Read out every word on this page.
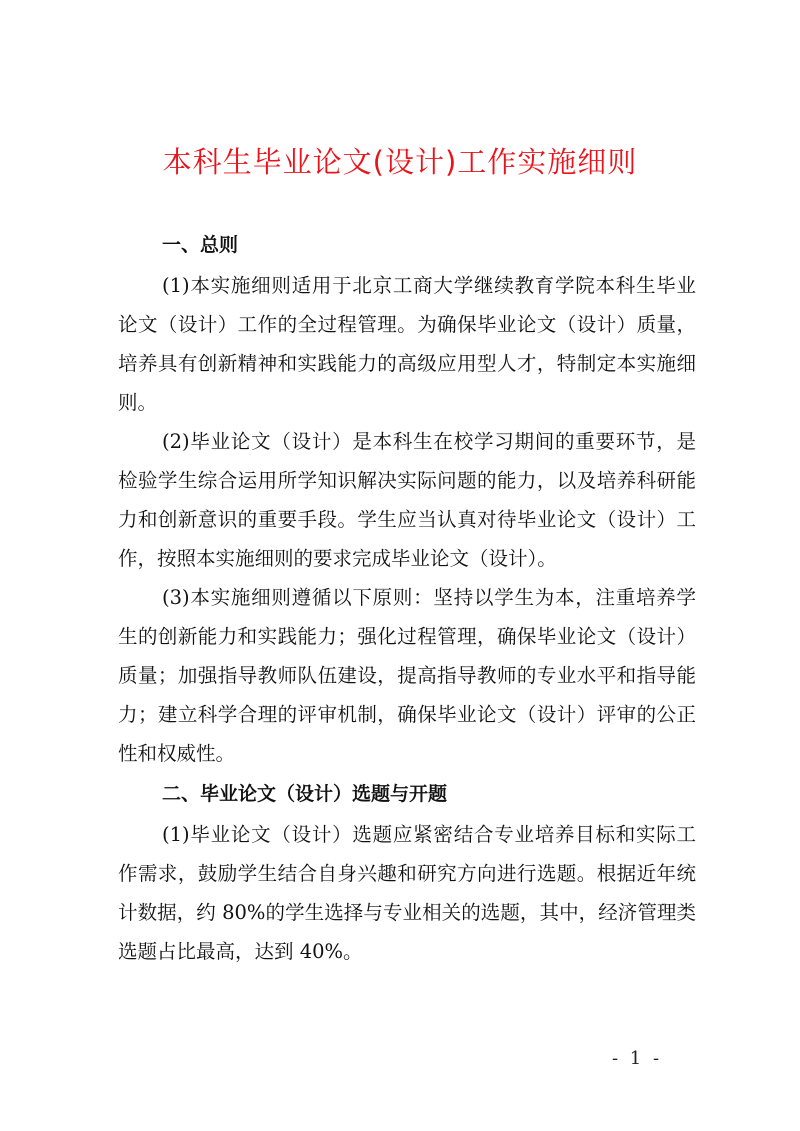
本科生毕业论文(设计)工作实施细则

一、总则

(1)本实施细则适用于北京工商大学继续教育学院本科生毕业论文（设计）工作的全过程管理。为确保毕业论文（设计）质量，培养具有创新精神和实践能力的高级应用型人才，特制定本实施细则。

(2)毕业论文（设计）是本科生在校学习期间的重要环节，是检验学生综合运用所学知识解决实际问题的能力，以及培养科研能力和创新意识的重要手段。学生应当认真对待毕业论文（设计）工作，按照本实施细则的要求完成毕业论文（设计）。

(3)本实施细则遵循以下原则：坚持以学生为本，注重培养学生的创新能力和实践能力；强化过程管理，确保毕业论文（设计）质量；加强指导教师队伍建设，提高指导教师的专业水平和指导能力；建立科学合理的评审机制，确保毕业论文（设计）评审的公正性和权威性。

二、毕业论文（设计）选题与开题

(1)毕业论文（设计）选题应紧密结合专业培养目标和实际工作需求，鼓励学生结合自身兴趣和研究方向进行选题。根据近年统计数据，约 80%的学生选择与专业相关的选题，其中，经济管理类选题占比最高，达到 40%。

- 1 -
